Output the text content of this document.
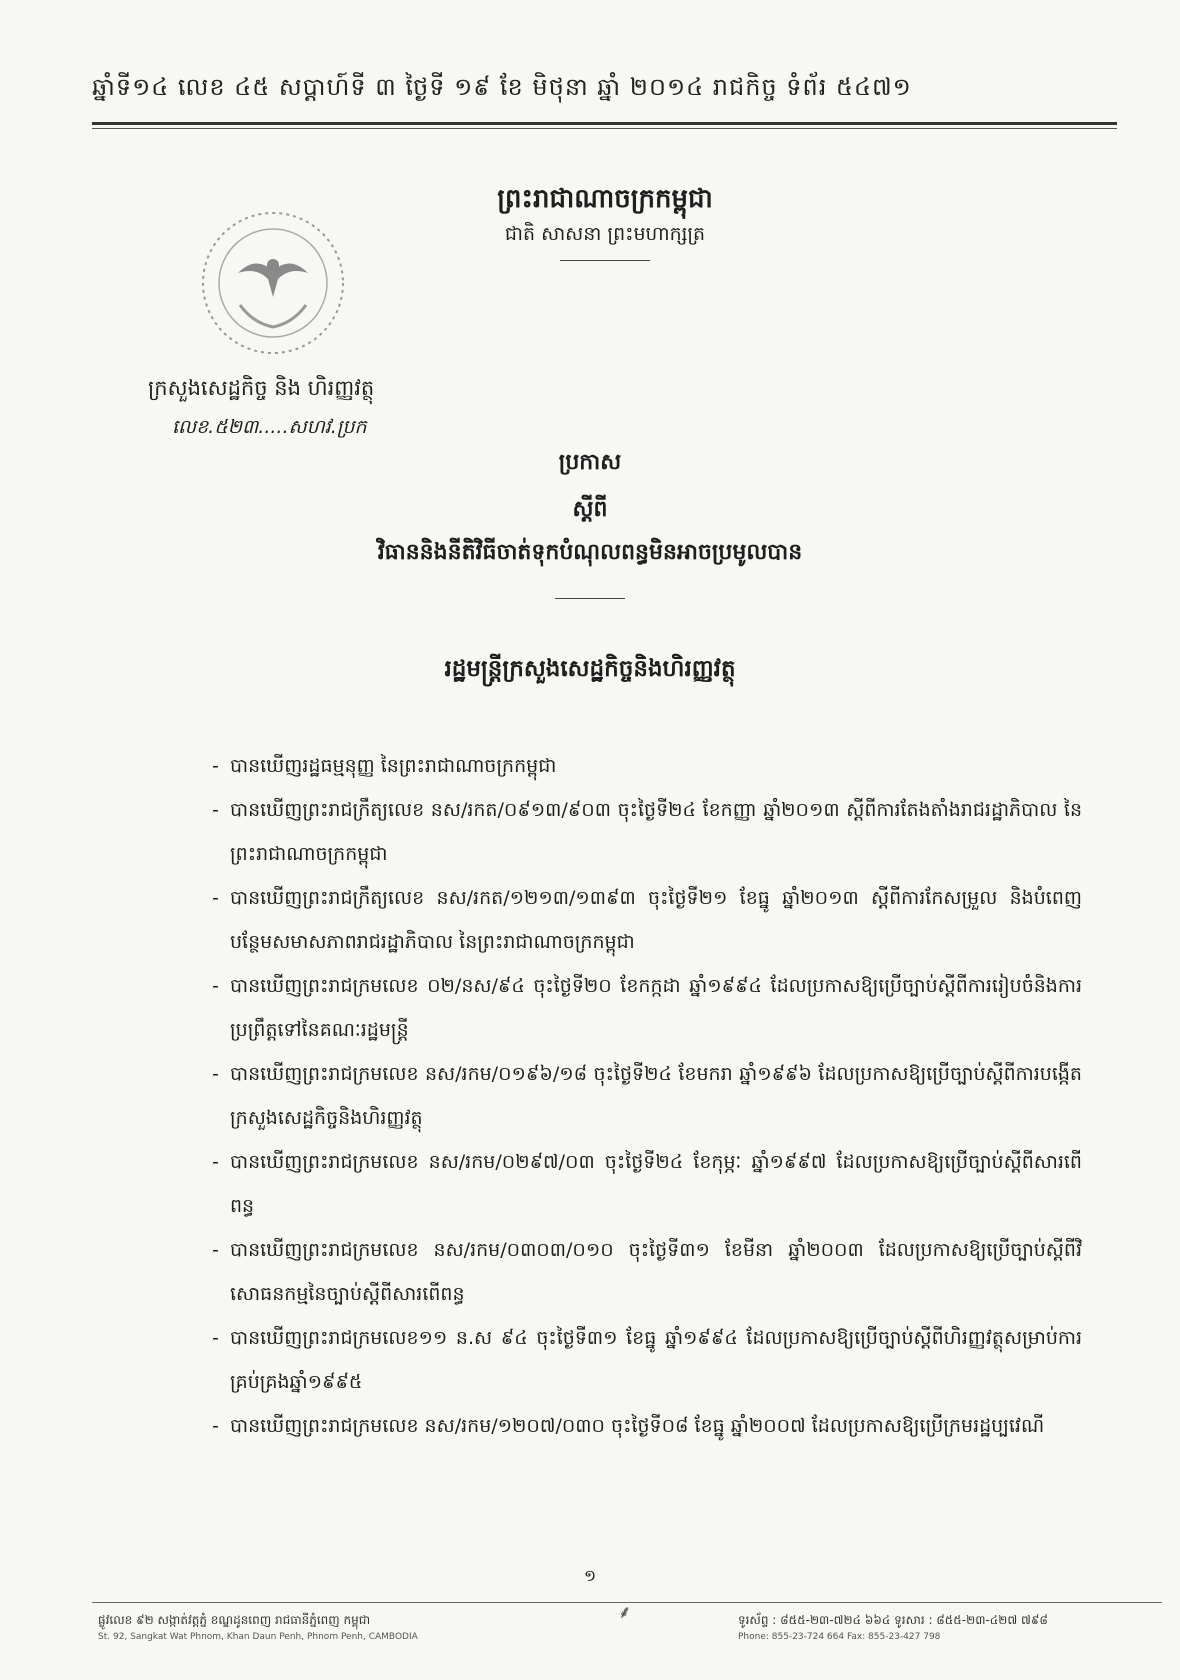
ឆ្នាំទី១៤ លេខ ៤៥ សប្ដាហ៍ទី ៣ ថ្ងៃទី ១៩ ខែ មិថុនា ឆ្នាំ ២០១៤ រាជកិច្ច ទំព័រ ៥៤៧១
ព្រះរាជាណាចក្រកម្ពុជា
ជាតិ សាសនា ព្រះមហាក្សត្រ
ក្រសួងសេដ្ឋកិច្ច និង ហិរញ្ញវត្ថុ
លេខ.៥២៣.....សហវ.ប្រក
ប្រកាស
ស្ដីពី
វិធាននិងនីតិវិធីចាត់ទុកបំណុលពន្ធមិនអាចប្រមូលបាន
រដ្ឋមន្ត្រីក្រសួងសេដ្ឋកិច្ចនិងហិរញ្ញវត្ថុ
- បានឃើញរដ្ឋធម្មនុញ្ញ នៃព្រះរាជាណាចក្រកម្ពុជា
- បានឃើញព្រះរាជក្រឹត្យលេខ នស/រកត/០៩១៣/៩០៣ ចុះថ្ងៃទី២៤ ខែកញ្ញា ឆ្នាំ២០១៣ ស្ដីពីការតែងតាំងរាជរដ្ឋាភិបាល នៃព្រះរាជាណាចក្រកម្ពុជា
- បានឃើញព្រះរាជក្រឹត្យលេខ នស/រកត/១២១៣/១៣៩៣ ចុះថ្ងៃទី២១ ខែធ្នូ ឆ្នាំ២០១៣ ស្ដីពីការកែសម្រួល និងបំពេញបន្ថែមសមាសភាពរាជរដ្ឋាភិបាល នៃព្រះរាជាណាចក្រកម្ពុជា
- បានឃើញព្រះរាជក្រមលេខ ០២/នស/៩៤ ចុះថ្ងៃទី២០ ខែកក្កដា ឆ្នាំ១៩៩៤ ដែលប្រកាសឱ្យប្រើច្បាប់ស្ដីពីការរៀបចំនិងការប្រព្រឹត្តទៅនៃគណៈរដ្ឋមន្ត្រី
- បានឃើញព្រះរាជក្រមលេខ នស/រកម/០១៩៦/១៨ ចុះថ្ងៃទី២៤ ខែមករា ឆ្នាំ១៩៩៦ ដែលប្រកាសឱ្យប្រើច្បាប់ស្ដីពីការបង្កើតក្រសួងសេដ្ឋកិច្ចនិងហិរញ្ញវត្ថុ
- បានឃើញព្រះរាជក្រមលេខ នស/រកម/០២៩៧/០៣ ចុះថ្ងៃទី២៤ ខែកុម្ភៈ ឆ្នាំ១៩៩៧ ដែលប្រកាសឱ្យប្រើច្បាប់ស្ដីពីសារពើពន្ធ
- បានឃើញព្រះរាជក្រមលេខ នស/រកម/០៣០៣/០១០ ចុះថ្ងៃទី៣១ ខែមីនា ឆ្នាំ២០០៣ ដែលប្រកាសឱ្យប្រើច្បាប់ស្ដីពីវិសោធនកម្មនៃច្បាប់ស្ដីពីសារពើពន្ធ
- បានឃើញព្រះរាជក្រមលេខ១១ ន.ស ៩៤ ចុះថ្ងៃទី៣១ ខែធ្នូ ឆ្នាំ១៩៩៤ ដែលប្រកាសឱ្យប្រើច្បាប់ស្ដីពីហិរញ្ញវត្ថុសម្រាប់ការគ្រប់គ្រងឆ្នាំ១៩៩៥
- បានឃើញព្រះរាជក្រមលេខ នស/រកម/១២០៧/០៣០ ចុះថ្ងៃទី០៨ ខែធ្នូ ឆ្នាំ២០០៧ ដែលប្រកាសឱ្យប្រើក្រមរដ្ឋប្បវេណី
១
ផ្លូវលេខ ៩២ សង្កាត់វត្តភ្នំ ខណ្ឌដូនពេញ រាជធានីភ្នំពេញ កម្ពុជា
St. 92, Sangkat Wat Phnom, Khan Daun Penh, Phnom Penh, CAMBODIA
⸙	ទូរស័ព្ទ : ៨៥៥-២៣-៧២៤ ៦៦៤ ទូរសារ : ៨៥៥-២៣-៤២៧ ៧៩៨
Phone: 855-23-724 664 Fax: 855-23-427 798
